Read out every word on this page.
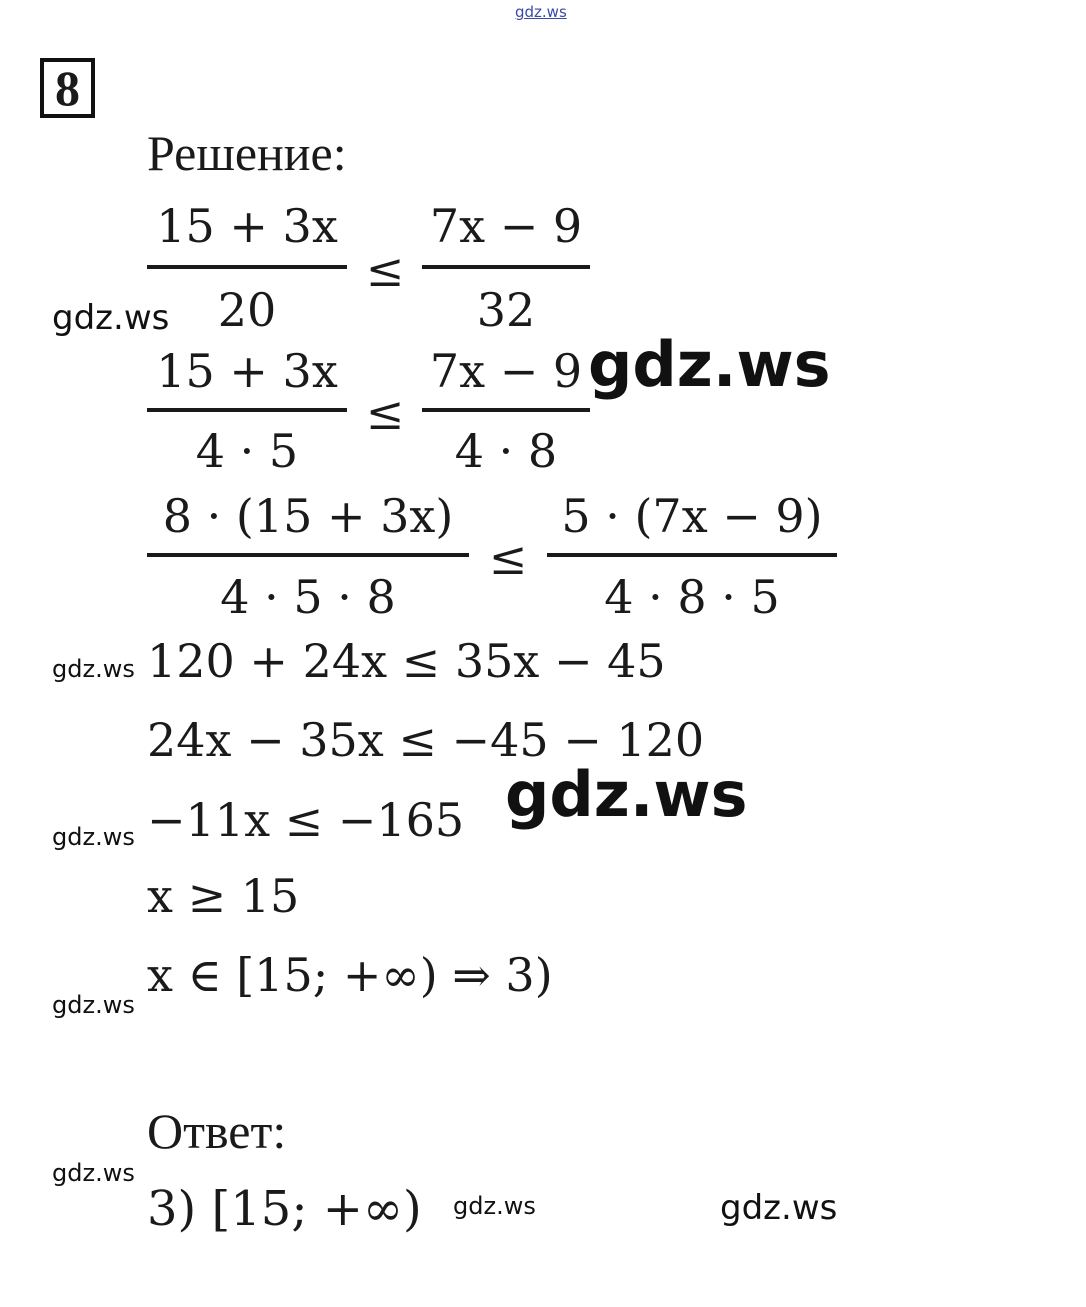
gdz.ws
8
Решение:
15 + 3x
20
≤
7x − 9
32
15 + 3x
4 · 5
≤
7x − 9
4 · 8
8 · (15 + 3x)
4 · 5 · 8
≤
5 · (7x − 9)
4 · 8 · 5
120 + 24x ≤ 35x − 45
24x − 35x ≤ −45 − 120
−11x ≤ −165
x ≥ 15
x ∈ [15; +∞) ⇒ 3)
Ответ:
3) [15; +∞)
gdz.ws
gdz.ws
gdz.ws
gdz.ws
gdz.ws
gdz.ws
gdz.ws
gdz.ws	gdz.ws
